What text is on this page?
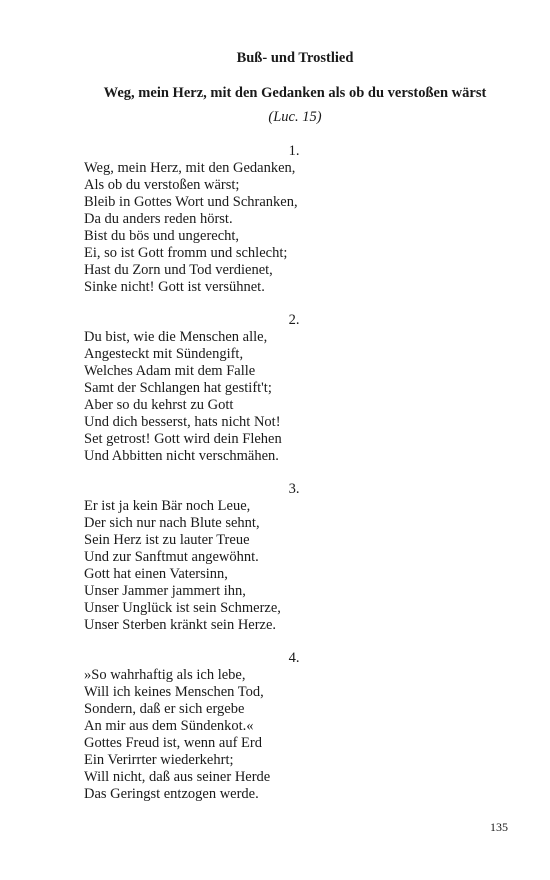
Buß- und Trostlied
Weg, mein Herz, mit den Gedanken als ob du verstoßen wärst
(Luc. 15)
1.
Weg, mein Herz, mit den Gedanken,
Als ob du verstoßen wärst;
Bleib in Gottes Wort und Schranken,
Da du anders reden hörst.
Bist du bös und ungerecht,
Ei, so ist Gott fromm und schlecht;
Hast du Zorn und Tod verdienet,
Sinke nicht! Gott ist versühnet.
2.
Du bist, wie die Menschen alle,
Angesteckt mit Sündengift,
Welches Adam mit dem Falle
Samt der Schlangen hat gestift't;
Aber so du kehrst zu Gott
Und dich besserst, hats nicht Not!
Set getrost! Gott wird dein Flehen
Und Abbitten nicht verschmähen.
3.
Er ist ja kein Bär noch Leue,
Der sich nur nach Blute sehnt,
Sein Herz ist zu lauter Treue
Und zur Sanftmut angewöhnt.
Gott hat einen Vatersinn,
Unser Jammer jammert ihn,
Unser Unglück ist sein Schmerze,
Unser Sterben kränkt sein Herze.
4.
»So wahrhaftig als ich lebe,
Will ich keines Menschen Tod,
Sondern, daß er sich ergebe
An mir aus dem Sündenkot.«
Gottes Freud ist, wenn auf Erd
Ein Verirrter wiederkehrt;
Will nicht, daß aus seiner Herde
Das Geringst entzogen werde.
135
